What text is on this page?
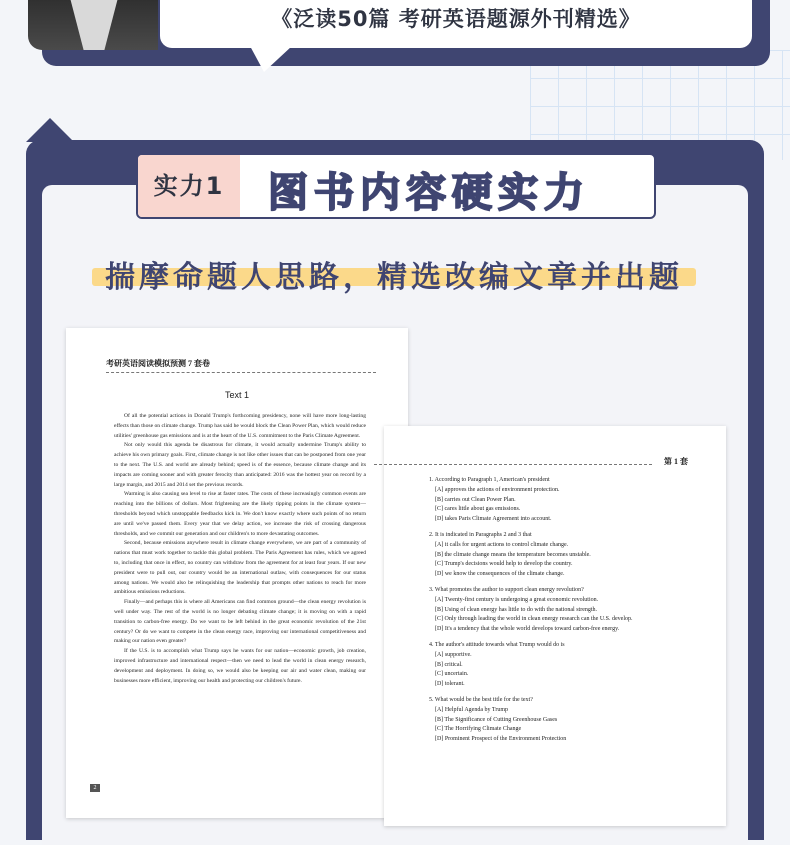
《泛读50篇 考研英语题源外刊精选》
实力1	图书内容硬实力
揣摩命题人思路，精选改编文章并出题
考研英语阅读模拟预测 7 套卷
Text 1

Of all the potential actions in Donald Trump's forthcoming presidency, none will have more long-lasting effects than those on climate change. Trump has said he would block the Clean Power Plan, which would reduce utilities' greenhouse gas emissions and is at the heart of the U.S. commitment to the Paris Climate Agreement.

Not only would this agenda be disastrous for climate, it would actually undermine Trump's ability to achieve his own primary goals. First, climate change is not like other issues that can be postponed from one year to the next. The U.S. and world are already behind; speed is of the essence, because climate change and its impacts are coming sooner and with greater ferocity than anticipated: 2016 was the hottest year on record by a large margin, and 2015 and 2014 set the previous records.

Warming is also causing sea level to rise at faster rates. The costs of these increasingly common events are reaching into the billions of dollars. Most frightening are the likely tipping points in the climate system—thresholds beyond which unstoppable feedbacks kick in. We don't know exactly where such points of no return are until we've passed them. Every year that we delay action, we increase the risk of crossing dangerous thresholds, and we commit our generation and our children's to more devastating outcomes.

Second, because emissions anywhere result in climate change everywhere, we are part of a community of nations that must work together to tackle this global problem. The Paris Agreement has rules, which we agreed to, including that once in effect, no country can withdraw from the agreement for at least four years. If our new president were to pull out, our country would be an international outlaw, with consequences for our status among nations. We would also be relinquishing the leadership that prompts other nations to reach for more ambitious emissions reductions.

Finally—and perhaps this is where all Americans can find common ground—the clean energy revolution is well under way. The rest of the world is no longer debating climate change; it is moving on with a rapid transition to carbon-free energy. Do we want to be left behind in the great economic revolution of the 21st century? Or do we want to compete in the clean energy race, improving our international competitiveness and making our nation even greater?

If the U.S. is to accomplish what Trump says he wants for our nation—economic growth, job creation, improved infrastructure and international respect—then we need to lead the world in clean energy research, development and deployment. In doing so, we would also be keeping our air and water clean, making our businesses more efficient, improving our health and protecting our children's future.

2
第 1 套
1. According to Paragraph 1, American's president
[A] approves the actions of environment protection.
[B] carries out Clean Power Plan.
[C] cares little about gas emissions.
[D] takes Paris Climate Agreement into account.
2. It is indicated in Paragraphs 2 and 3 that
[A] it calls for urgent actions to control climate change.
[B] the climate change means the temperature becomes unstable.
[C] Trump's decisions would help to develop the country.
[D] we know the consequences of the climate change.
3. What promotes the author to support clean energy revolution?
[A] Twenty-first century is undergoing a great economic revolution.
[B] Using of clean energy has little to do with the national strength.
[C] Only through leading the world in clean energy research can the U.S. develop.
[D] It's a tendency that the whole world develops toward carbon-free energy.
4. The author's attitude towards what Trump would do is
[A] supportive.
[B] critical.
[C] uncertain.
[D] tolerant.
5. What would be the best title for the text?
[A] Helpful Agenda by Trump
[B] The Significance of Cutting Greenhouse Gases
[C] The Horrifying Climate Change
[D] Prominent Prospect of the Environment Protection
